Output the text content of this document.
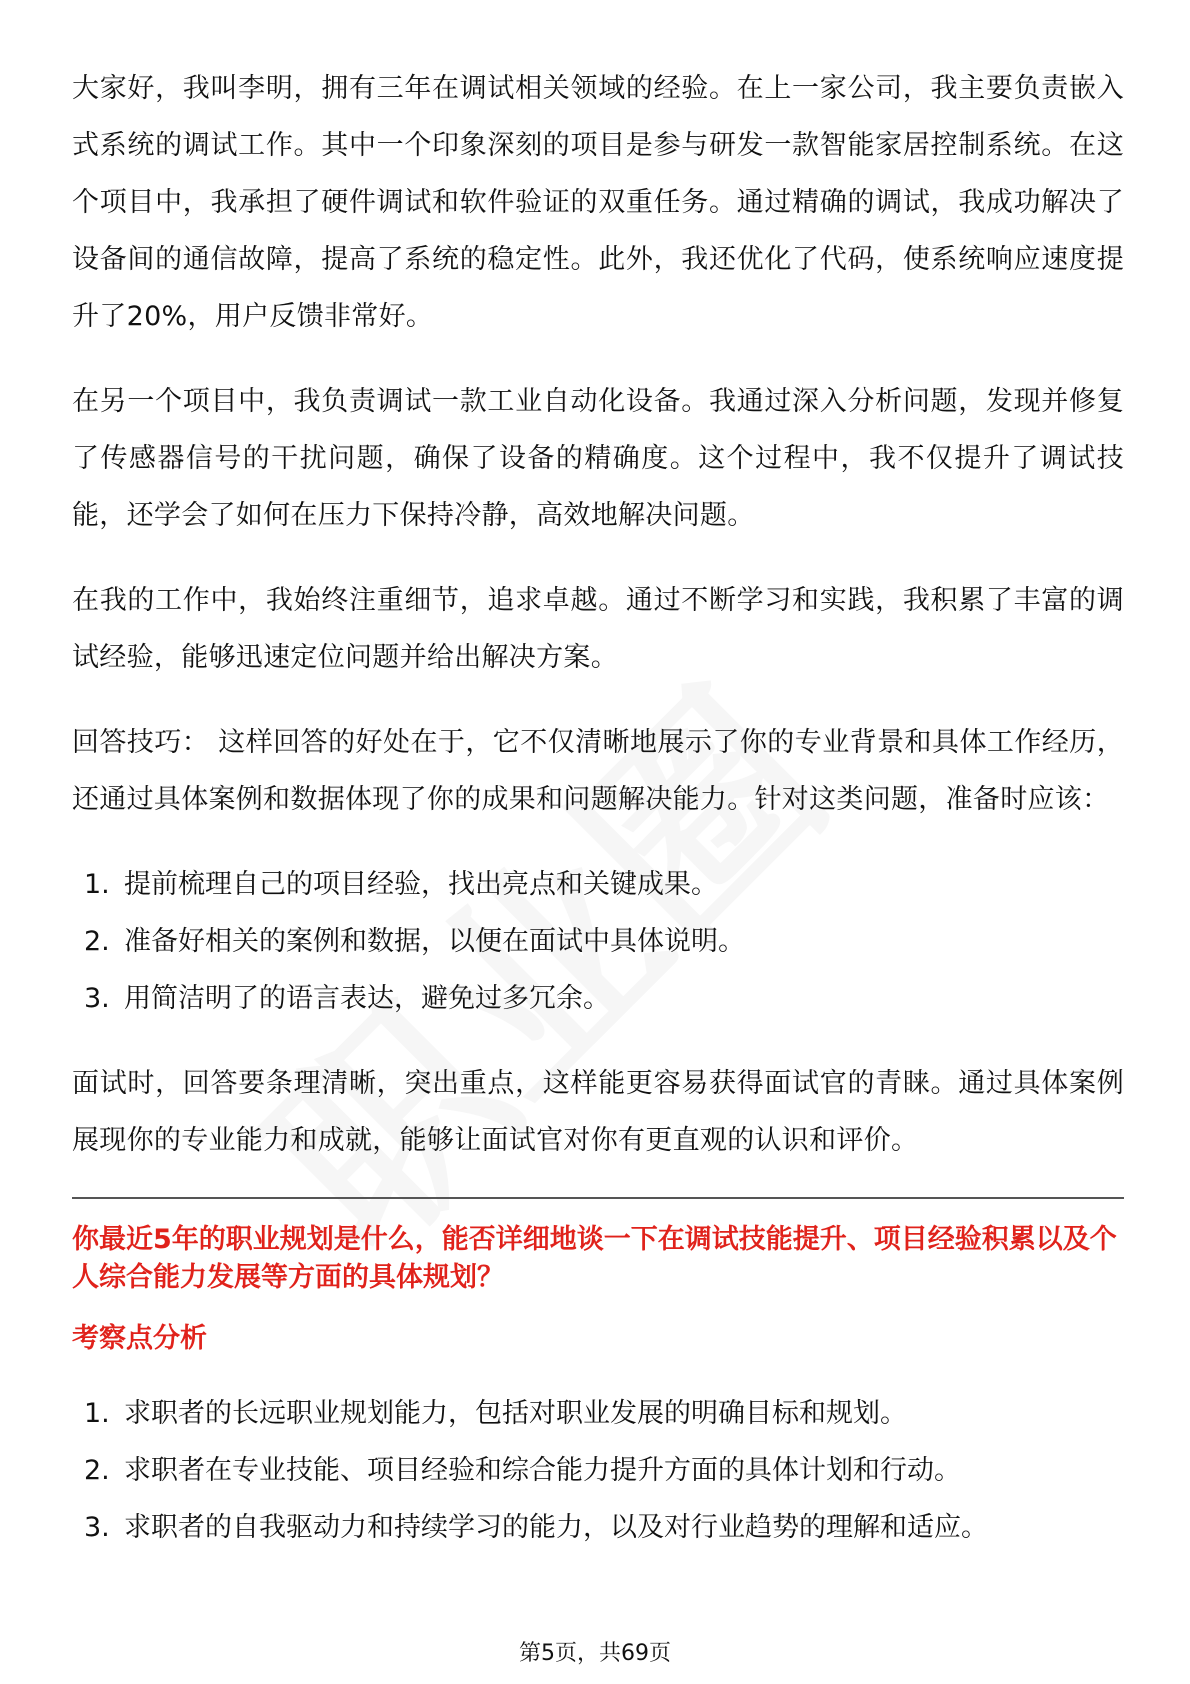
大家好，我叫李明，拥有三年在调试相关领域的经验。在上一家公司，我主要负责嵌入式系统的调试工作。其中一个印象深刻的项目是参与研发一款智能家居控制系统。在这个项目中，我承担了硬件调试和软件验证的双重任务。通过精确的调试，我成功解决了设备间的通信故障，提高了系统的稳定性。此外，我还优化了代码，使系统响应速度提升了20%，用户反馈非常好。

在另一个项目中，我负责调试一款工业自动化设备。我通过深入分析问题，发现并修复了传感器信号的干扰问题，确保了设备的精确度。这个过程中，我不仅提升了调试技能，还学会了如何在压力下保持冷静，高效地解决问题。

在我的工作中，我始终注重细节，追求卓越。通过不断学习和实践，我积累了丰富的调试经验，能够迅速定位问题并给出解决方案。

回答技巧： 这样回答的好处在于，它不仅清晰地展示了你的专业背景和具体工作经历，还通过具体案例和数据体现了你的成果和问题解决能力。针对这类问题，准备时应该：

1. 提前梳理自己的项目经验，找出亮点和关键成果。
2. 准备好相关的案例和数据，以便在面试中具体说明。
3. 用简洁明了的语言表达，避免过多冗余。

面试时，回答要条理清晰，突出重点，这样能更容易获得面试官的青睐。通过具体案例展现你的专业能力和成就，能够让面试官对你有更直观的认识和评价。

你最近5年的职业规划是什么，能否详细地谈一下在调试技能提升、项目经验积累以及个人综合能力发展等方面的具体规划？

考察点分析

1. 求职者的长远职业规划能力，包括对职业发展的明确目标和规划。
2. 求职者在专业技能、项目经验和综合能力提升方面的具体计划和行动。
3. 求职者的自我驱动力和持续学习的能力，以及对行业趋势的理解和适应。
第5页，共69页
